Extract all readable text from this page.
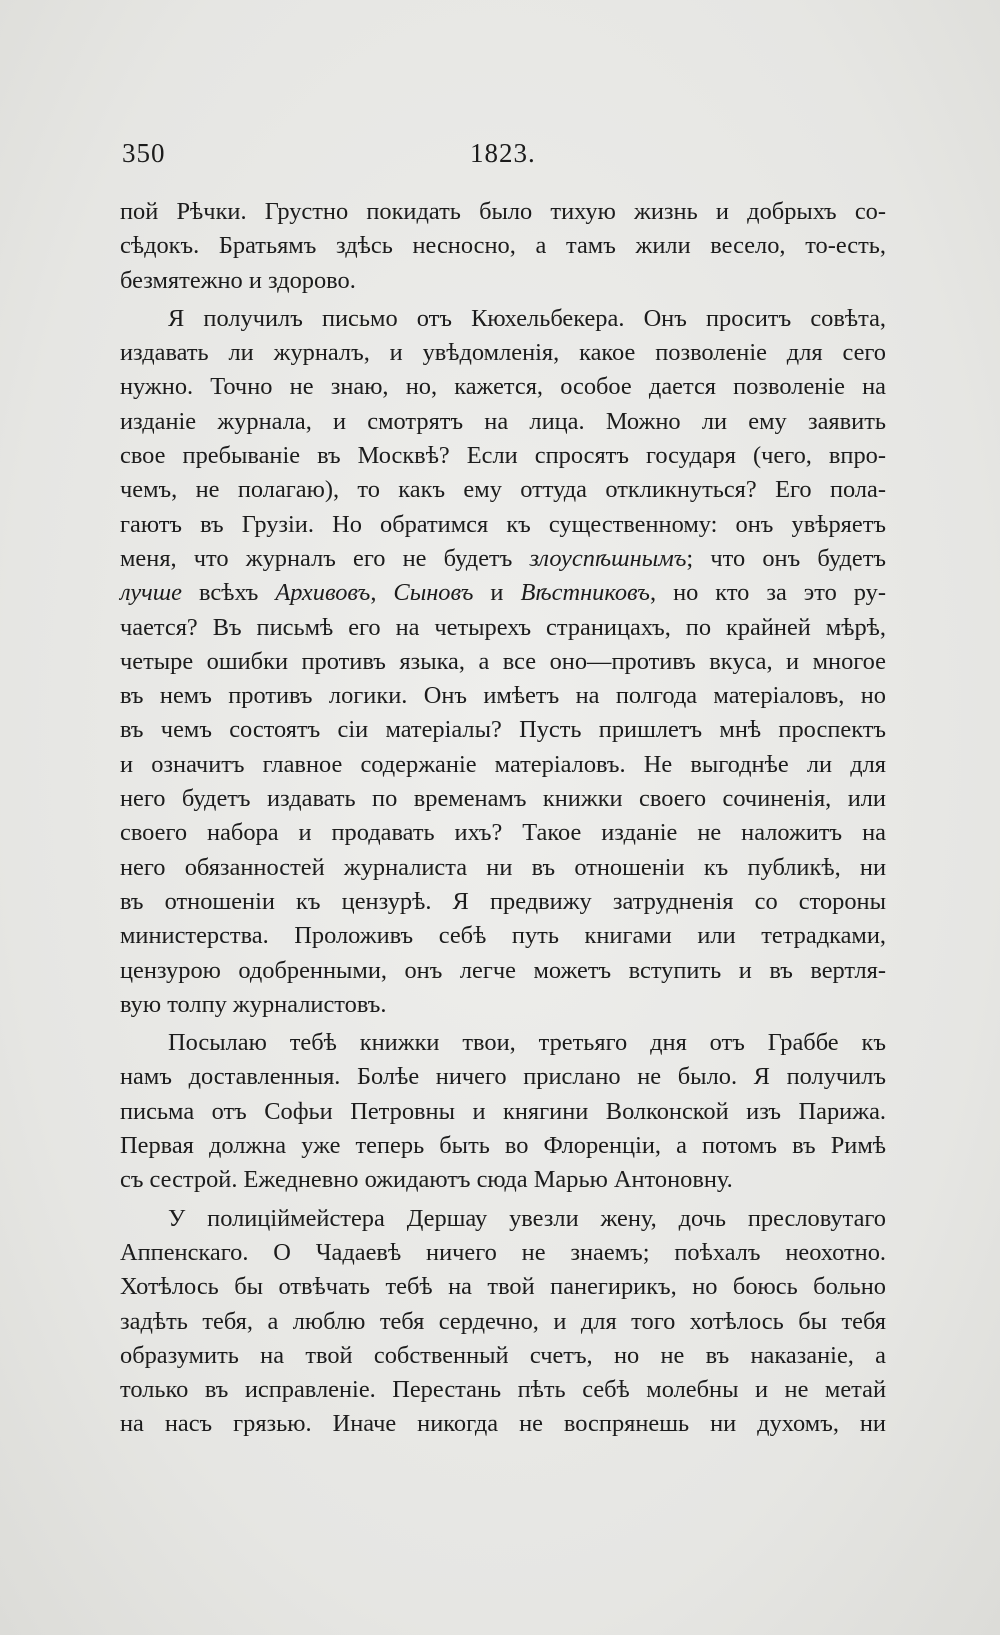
350	1823.

пой Рѣчки. Грустно покидать было тихую жизнь и добрыхъ со-
сѣдокъ. Братьямъ здѣсь несносно, а тамъ жили весело, то-есть,
безмятежно и здорово.

Я получилъ письмо отъ Кюхельбекера. Онъ проситъ совѣта,
издавать ли журналъ, и увѣдомленія, какое позволеніе для сего
нужно. Точно не знаю, но, кажется, особое дается позволеніе на
изданіе журнала, и смотрятъ на лица. Можно ли ему заявить
свое пребываніе въ Москвѣ? Если спросятъ государя (чего, впро-
чемъ, не полагаю), то какъ ему оттуда откликнуться? Его пола-
гаютъ въ Грузіи. Но обратимся къ существенному: онъ увѣряетъ
меня, что журналъ его не будетъ злоуспѣшнымъ; что онъ будетъ
лучше всѣхъ Архивовъ, Сыновъ и Вѣстниковъ, но кто за это ру-
чается? Въ письмѣ его на четырехъ страницахъ, по крайней мѣрѣ,
четыре ошибки противъ языка, а все оно—противъ вкуса, и многое
въ немъ противъ логики. Онъ имѣетъ на полгода матеріаловъ, но
въ чемъ состоятъ сіи матеріалы? Пусть пришлетъ мнѣ проспектъ
и означитъ главное содержаніе матеріаловъ. Не выгоднѣе ли для
него будетъ издавать по временамъ книжки своего сочиненія, или
своего набора и продавать ихъ? Такое изданіе не наложитъ на
него обязанностей журналиста ни въ отношеніи къ публикѣ, ни
въ отношеніи къ цензурѣ. Я предвижу затрудненія со стороны
министерства. Проложивъ себѣ путь книгами или тетрадками,
цензурою одобренными, онъ легче можетъ вступить и въ вертля-
вую толпу журналистовъ.

Посылаю тебѣ книжки твои, третьяго дня отъ Граббе къ
намъ доставленныя. Болѣе ничего прислано не было. Я получилъ
письма отъ Софьи Петровны и княгини Волконской изъ Парижа.
Первая должна уже теперь быть во Флоренціи, а потомъ въ Римѣ
съ сестрой. Ежедневно ожидаютъ сюда Марью Антоновну.

У полиціймейстера Дершау увезли жену, дочь пресловутаго
Аппенскаго. О Чадаевѣ ничего не знаемъ; поѣхалъ неохотно.
Хотѣлось бы отвѣчать тебѣ на твой панегирикъ, но боюсь больно
задѣть тебя, а люблю тебя сердечно, и для того хотѣлось бы тебя
образумить на твой собственный счетъ, но не въ наказаніе, а
только въ исправленіе. Перестань пѣть себѣ молебны и не метай
на насъ грязью. Иначе никогда не воспрянешь ни духомъ, ни
